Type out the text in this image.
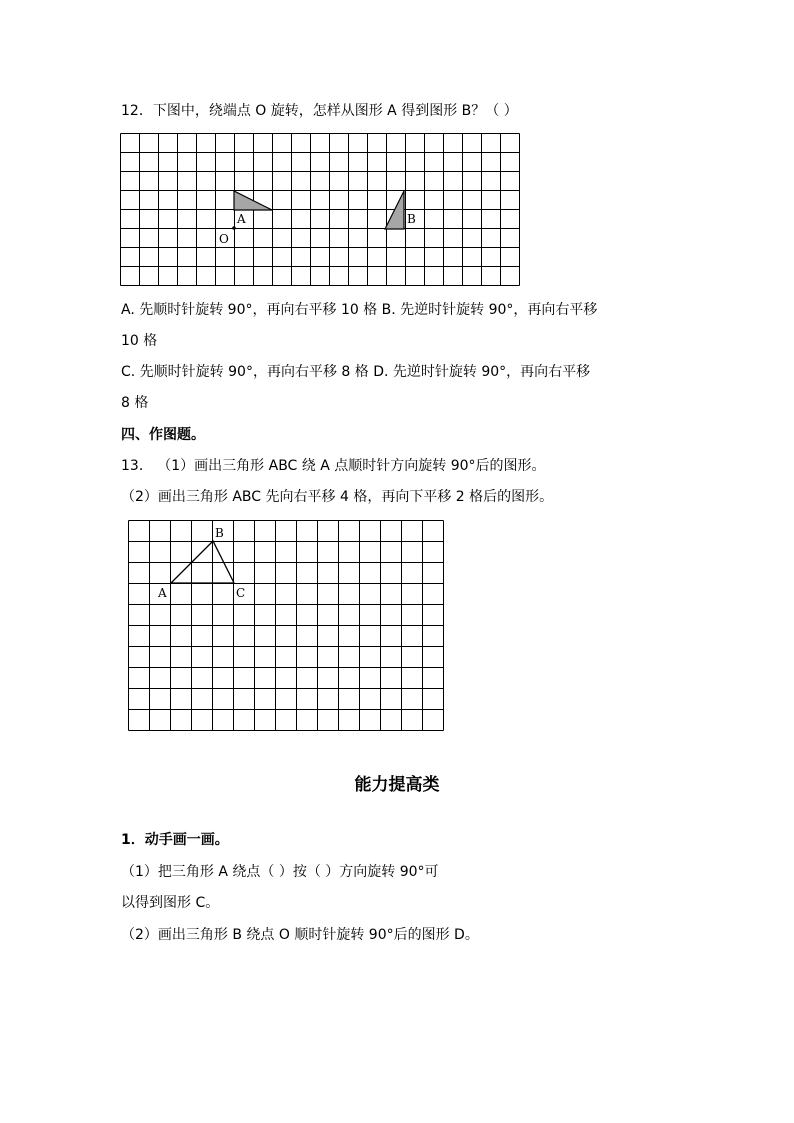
12．下图中，绕端点 O 旋转，怎样从图形 A 得到图形 B？（ ）
A	B
O
A. 先顺时针旋转 90°，再向右平移 10 格 B. 先逆时针旋转 90°，再向右平移
10 格
C. 先顺时针旋转 90°，再向右平移 8 格 D. 先逆时针旋转 90°，再向右平移
8 格
四、作图题。
13． （1）画出三角形 ABC 绕 A 点顺时针方向旋转 90°后的图形。
（2）画出三角形 ABC 先向右平移 4 格，再向下平移 2 格后的图形。
A
B
C
能力提高类
1．动手画一画。
（1）把三角形 A 绕点（ ）按（ ）方向旋转 90°可
以得到图形 C。
（2）画出三角形 B 绕点 O 顺时针旋转 90°后的图形 D。
